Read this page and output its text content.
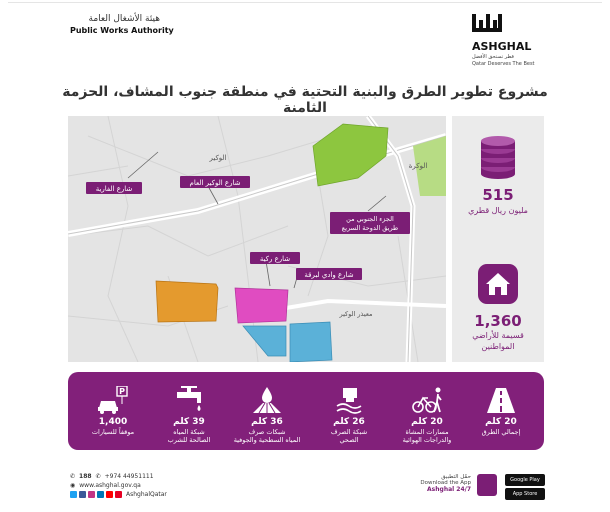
هيئة الأشغال العامة
Public Works Authority
ASHGHAL
قطر تستحق الأفضل
Qatar Deserves The Best
مشروع تطوير الطرق والبنية التحتية في منطقة جنوب المشاف، الحزمة الثامنة
الوكير
الوكرة
معيذر الوكير
شارع الفارية
شارع الوكير العام
الجزء الجنوبي من
طريق الدوحة السريع
شارع ركية
شارع وادي لبرقة
515
مليون ريال قطري
1,360
قسيمة للأراضي
المواطنين
20 كلم
إجمالي الطرق
20 كلم
مسارات المشاة
والدراجات الهوائية
26 كلم
شبكة الصرف
الصحي
36 كلم
شبكات صرف
المياه السطحية والجوفية
39 كلم
شبكة المياه
الصالحة للشرب
P
1,400
موقفاً للسيارات
✆ 188 ✆ +974 44951111
◉ www.ashghal.gov.qa
AshghalQatar
حمّل التطبيق
Download the App
Ashghal 24/7
Google Play
App Store
